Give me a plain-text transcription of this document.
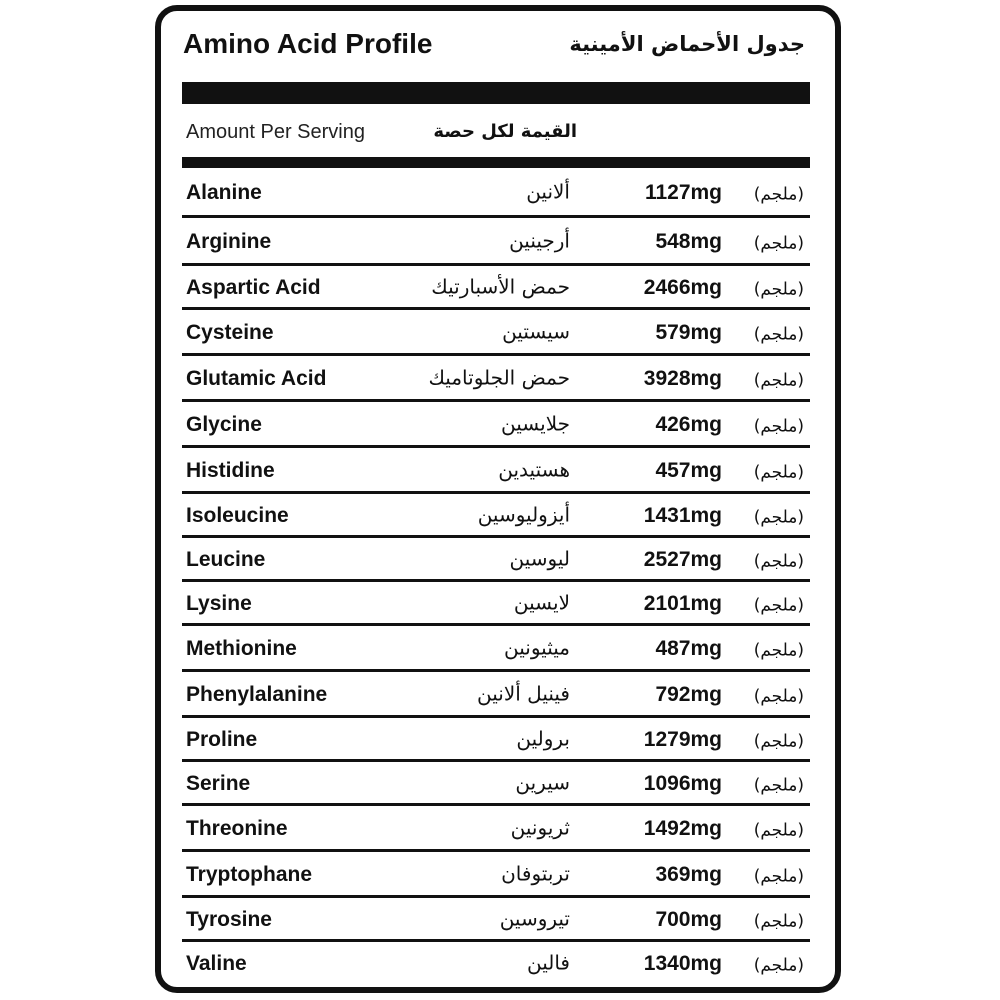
Amino Acid Profile	جدول الأحماض الأمينية
Amount Per Serving	القيمة لكل حصة
Alanine	ألانين	1127mg (ملجم)
Arginine	أرجينين	548mg (ملجم)
Aspartic Acid	حمض الأسبارتيك	2466mg (ملجم)
Cysteine	سيستين	579mg (ملجم)
Glutamic Acid	حمض الجلوتاميك	3928mg (ملجم)
Glycine	جلايسين	426mg (ملجم)
Histidine	هستيدين	457mg (ملجم)
Isoleucine	أيزوليوسين	1431mg (ملجم)
Leucine	ليوسين	2527mg (ملجم)
Lysine	لايسين	2101mg (ملجم)
Methionine	ميثيونين	487mg (ملجم)
Phenylalanine	فينيل ألانين	792mg (ملجم)
Proline	برولين	1279mg (ملجم)
Serine	سيرين	1096mg (ملجم)
Threonine	ثريونين	1492mg (ملجم)
Tryptophane	تربتوفان	369mg (ملجم)
Tyrosine	تيروسين	700mg (ملجم)
Valine	فالين	1340mg (ملجم)
